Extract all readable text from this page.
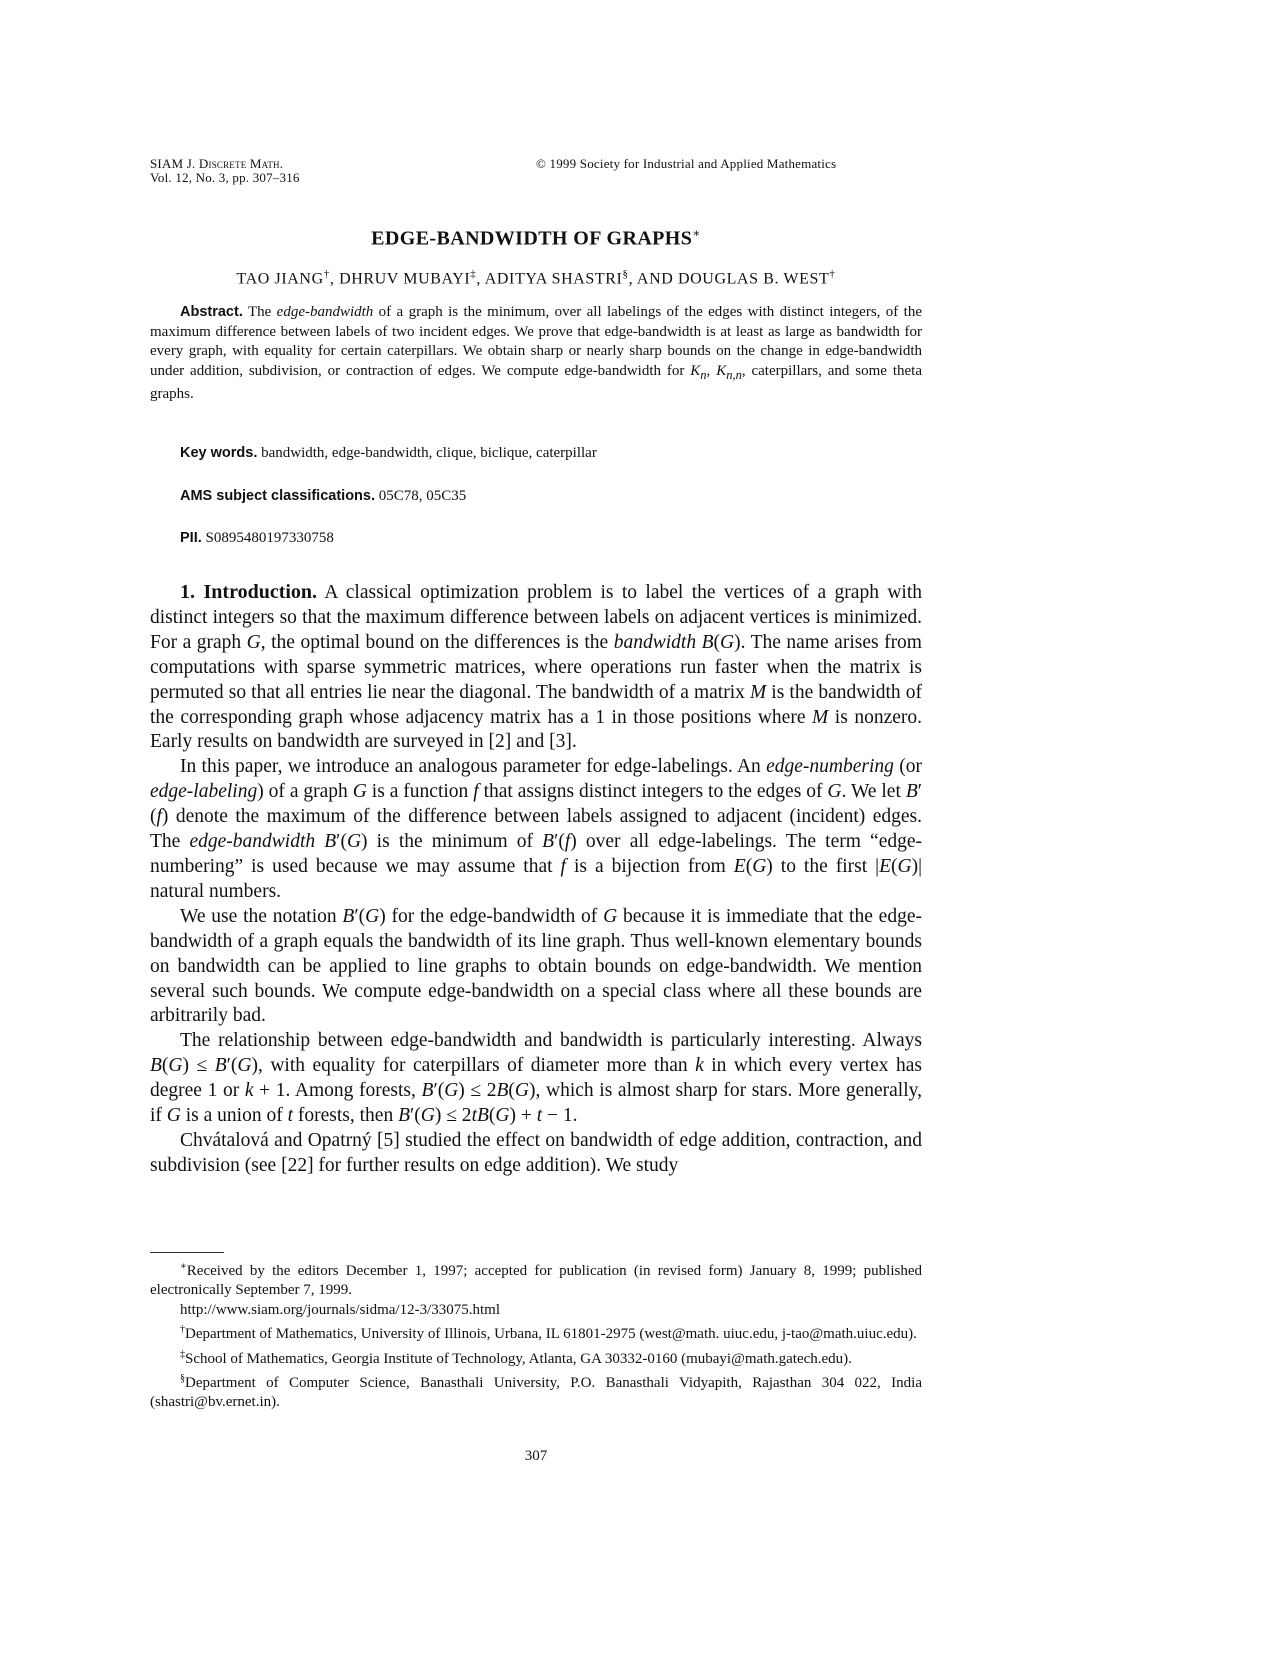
SIAM J. Discrete Math.
Vol. 12, No. 3, pp. 307–316
© 1999 Society for Industrial and Applied Mathematics
EDGE-BANDWIDTH OF GRAPHS∗
TAO JIANG†, DHRUV MUBAYI‡, ADITYA SHASTRI§, AND DOUGLAS B. WEST†
Abstract. The edge-bandwidth of a graph is the minimum, over all labelings of the edges with distinct integers, of the maximum difference between labels of two incident edges. We prove that edge-bandwidth is at least as large as bandwidth for every graph, with equality for certain caterpillars. We obtain sharp or nearly sharp bounds on the change in edge-bandwidth under addition, subdivision, or contraction of edges. We compute edge-bandwidth for $K_n$, $K_{n,n}$, caterpillars, and some theta graphs.
Key words. bandwidth, edge-bandwidth, clique, biclique, caterpillar
AMS subject classifications. 05C78, 05C35
PII. S0895480197330758

1. Introduction. A classical optimization problem is to label the vertices of a graph with distinct integers so that the maximum difference between labels on adjacent vertices is minimized. For a graph G, the optimal bound on the differences is the bandwidth B(G). The name arises from computations with sparse symmetric matrices, where operations run faster when the matrix is permuted so that all entries lie near the diagonal. The bandwidth of a matrix M is the bandwidth of the corresponding graph whose adjacency matrix has a 1 in those positions where M is nonzero. Early results on bandwidth are surveyed in [2] and [3].

In this paper, we introduce an analogous parameter for edge-labelings. An edge-numbering (or edge-labeling) of a graph G is a function f that assigns distinct integers to the edges of G. We let B′(f) denote the maximum of the difference between labels assigned to adjacent (incident) edges. The edge-bandwidth B′(G) is the minimum of B′(f) over all edge-labelings. The term “edge-numbering” is used because we may assume that f is a bijection from E(G) to the first |E(G)| natural numbers.

We use the notation B′(G) for the edge-bandwidth of G because it is immediate that the edge-bandwidth of a graph equals the bandwidth of its line graph. Thus well-known elementary bounds on bandwidth can be applied to line graphs to obtain bounds on edge-bandwidth. We mention several such bounds. We compute edge-bandwidth on a special class where all these bounds are arbitrarily bad.

The relationship between edge-bandwidth and bandwidth is particularly interesting. Always B(G) ≤ B′(G), with equality for caterpillars of diameter more than k in which every vertex has degree 1 or k + 1. Among forests, B′(G) ≤ 2B(G), which is almost sharp for stars. More generally, if G is a union of t forests, then B′(G) ≤ 2tB(G) + t − 1.

Chvátalová and Opatrný [5] studied the effect on bandwidth of edge addition, contraction, and subdivision (see [22] for further results on edge addition). We study

∗Received by the editors December 1, 1997; accepted for publication (in revised form) January 8, 1999; published electronically September 7, 1999.

http://www.siam.org/journals/sidma/12-3/33075.html

†Department of Mathematics, University of Illinois, Urbana, IL 61801-2975 (west@math. uiuc.edu, j-tao@math.uiuc.edu).

‡School of Mathematics, Georgia Institute of Technology, Atlanta, GA 30332-0160 (mubayi@math.gatech.edu).

§Department of Computer Science, Banasthali University, P.O. Banasthali Vidyapith, Rajasthan 304 022, India (shastri@bv.ernet.in).

307
